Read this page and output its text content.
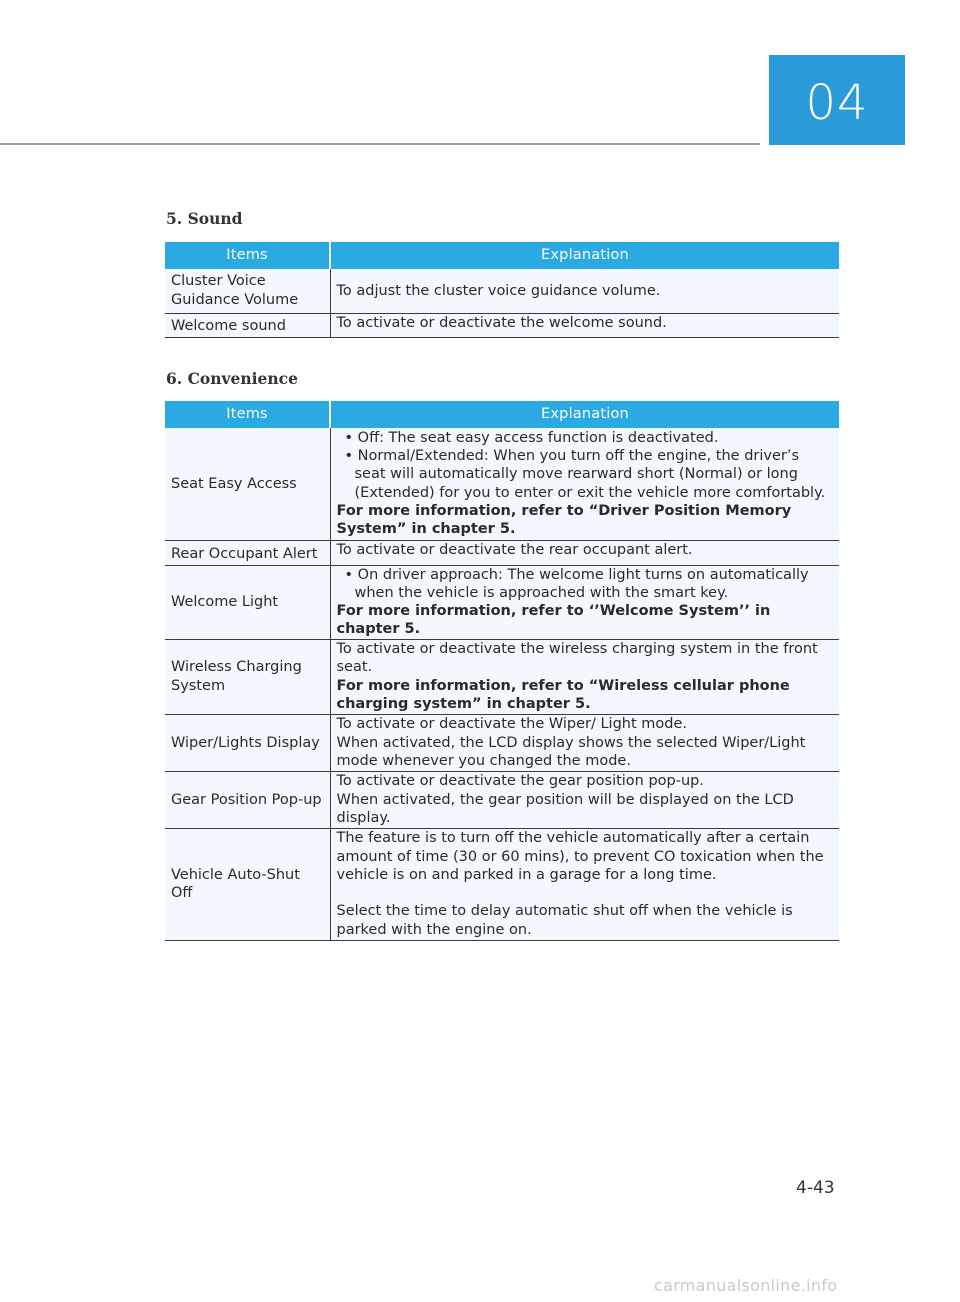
04
5. Sound
Items	Explanation
Cluster Voice Guidance Volume	To adjust the cluster voice guidance volume.

Welcome sound	To activate or deactivate the welcome sound.
6. Convenience
Items	Explanation
Seat Easy Access	• Off: The seat easy access function is deactivated.
• Normal/Extended: When you turn off the engine, the driver’s seat will automatically move rearward short (Normal) or long (Extended) for you to enter or exit the vehicle more comfortably.
For more information, refer to “Driver Position Memory System” in chapter 5.

Rear Occupant Alert	To activate or deactivate the rear occupant alert.

Welcome Light	• On driver approach: The welcome light turns on automatically when the vehicle is approached with the smart key.
For more information, refer to ‘’Welcome System’’ in chapter 5.

Wireless Charging System	To activate or deactivate the wireless charging system in the front seat.
For more information, refer to “Wireless cellular phone charging system” in chapter 5.

Wiper/Lights Display	To activate or deactivate the Wiper/ Light mode.
When activated, the LCD display shows the selected Wiper/Light mode whenever you changed the mode.

Gear Position Pop-up	To activate or deactivate the gear position pop-up.
When activated, the gear position will be displayed on the LCD display.

Vehicle Auto-Shut Off	The feature is to turn off the vehicle automatically after a certain amount of time (30 or 60 mins), to prevent CO toxication when the vehicle is on and parked in a garage for a long time.
Select the time to delay automatic shut off when the vehicle is parked with the engine on.
4-43
carmanualsonline.info
